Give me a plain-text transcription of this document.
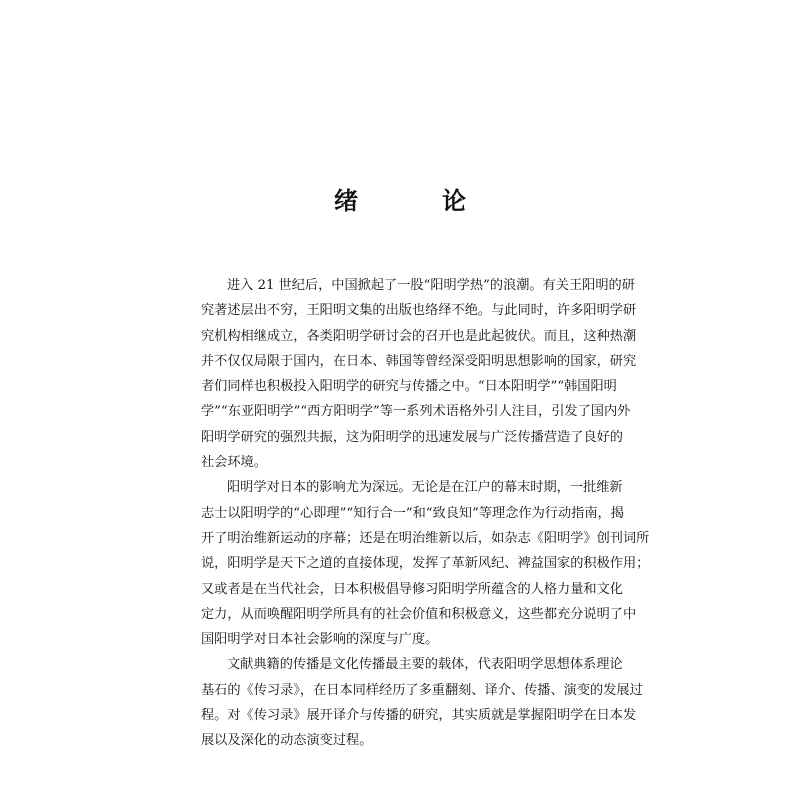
绪　论
进入 21 世纪后，中国掀起了一股“阳明学热”的浪潮。有关王阳明的研
究著述层出不穷，王阳明文集的出版也络绎不绝。与此同时，许多阳明学研
究机构相继成立，各类阳明学研讨会的召开也是此起彼伏。而且，这种热潮
并不仅仅局限于国内，在日本、韩国等曾经深受阳明思想影响的国家，研究
者们同样也积极投入阳明学的研究与传播之中。“日本阳明学”“韩国阳明
学”“东亚阳明学”“西方阳明学”等一系列术语格外引人注目，引发了国内外
阳明学研究的强烈共振，这为阳明学的迅速发展与广泛传播营造了良好的
社会环境。
阳明学对日本的影响尤为深远。无论是在江户的幕末时期，一批维新
志士以阳明学的“心即理”“知行合一”和“致良知”等理念作为行动指南，揭
开了明治维新运动的序幕；还是在明治维新以后，如杂志《阳明学》创刊词所
说，阳明学是天下之道的直接体现，发挥了革新风纪、裨益国家的积极作用；
又或者是在当代社会，日本积极倡导修习阳明学所蕴含的人格力量和文化
定力，从而唤醒阳明学所具有的社会价值和积极意义，这些都充分说明了中
国阳明学对日本社会影响的深度与广度。
文献典籍的传播是文化传播最主要的载体，代表阳明学思想体系理论
基石的《传习录》，在日本同样经历了多重翻刻、译介、传播、演变的发展过
程。对《传习录》展开译介与传播的研究，其实质就是掌握阳明学在日本发
展以及深化的动态演变过程。
